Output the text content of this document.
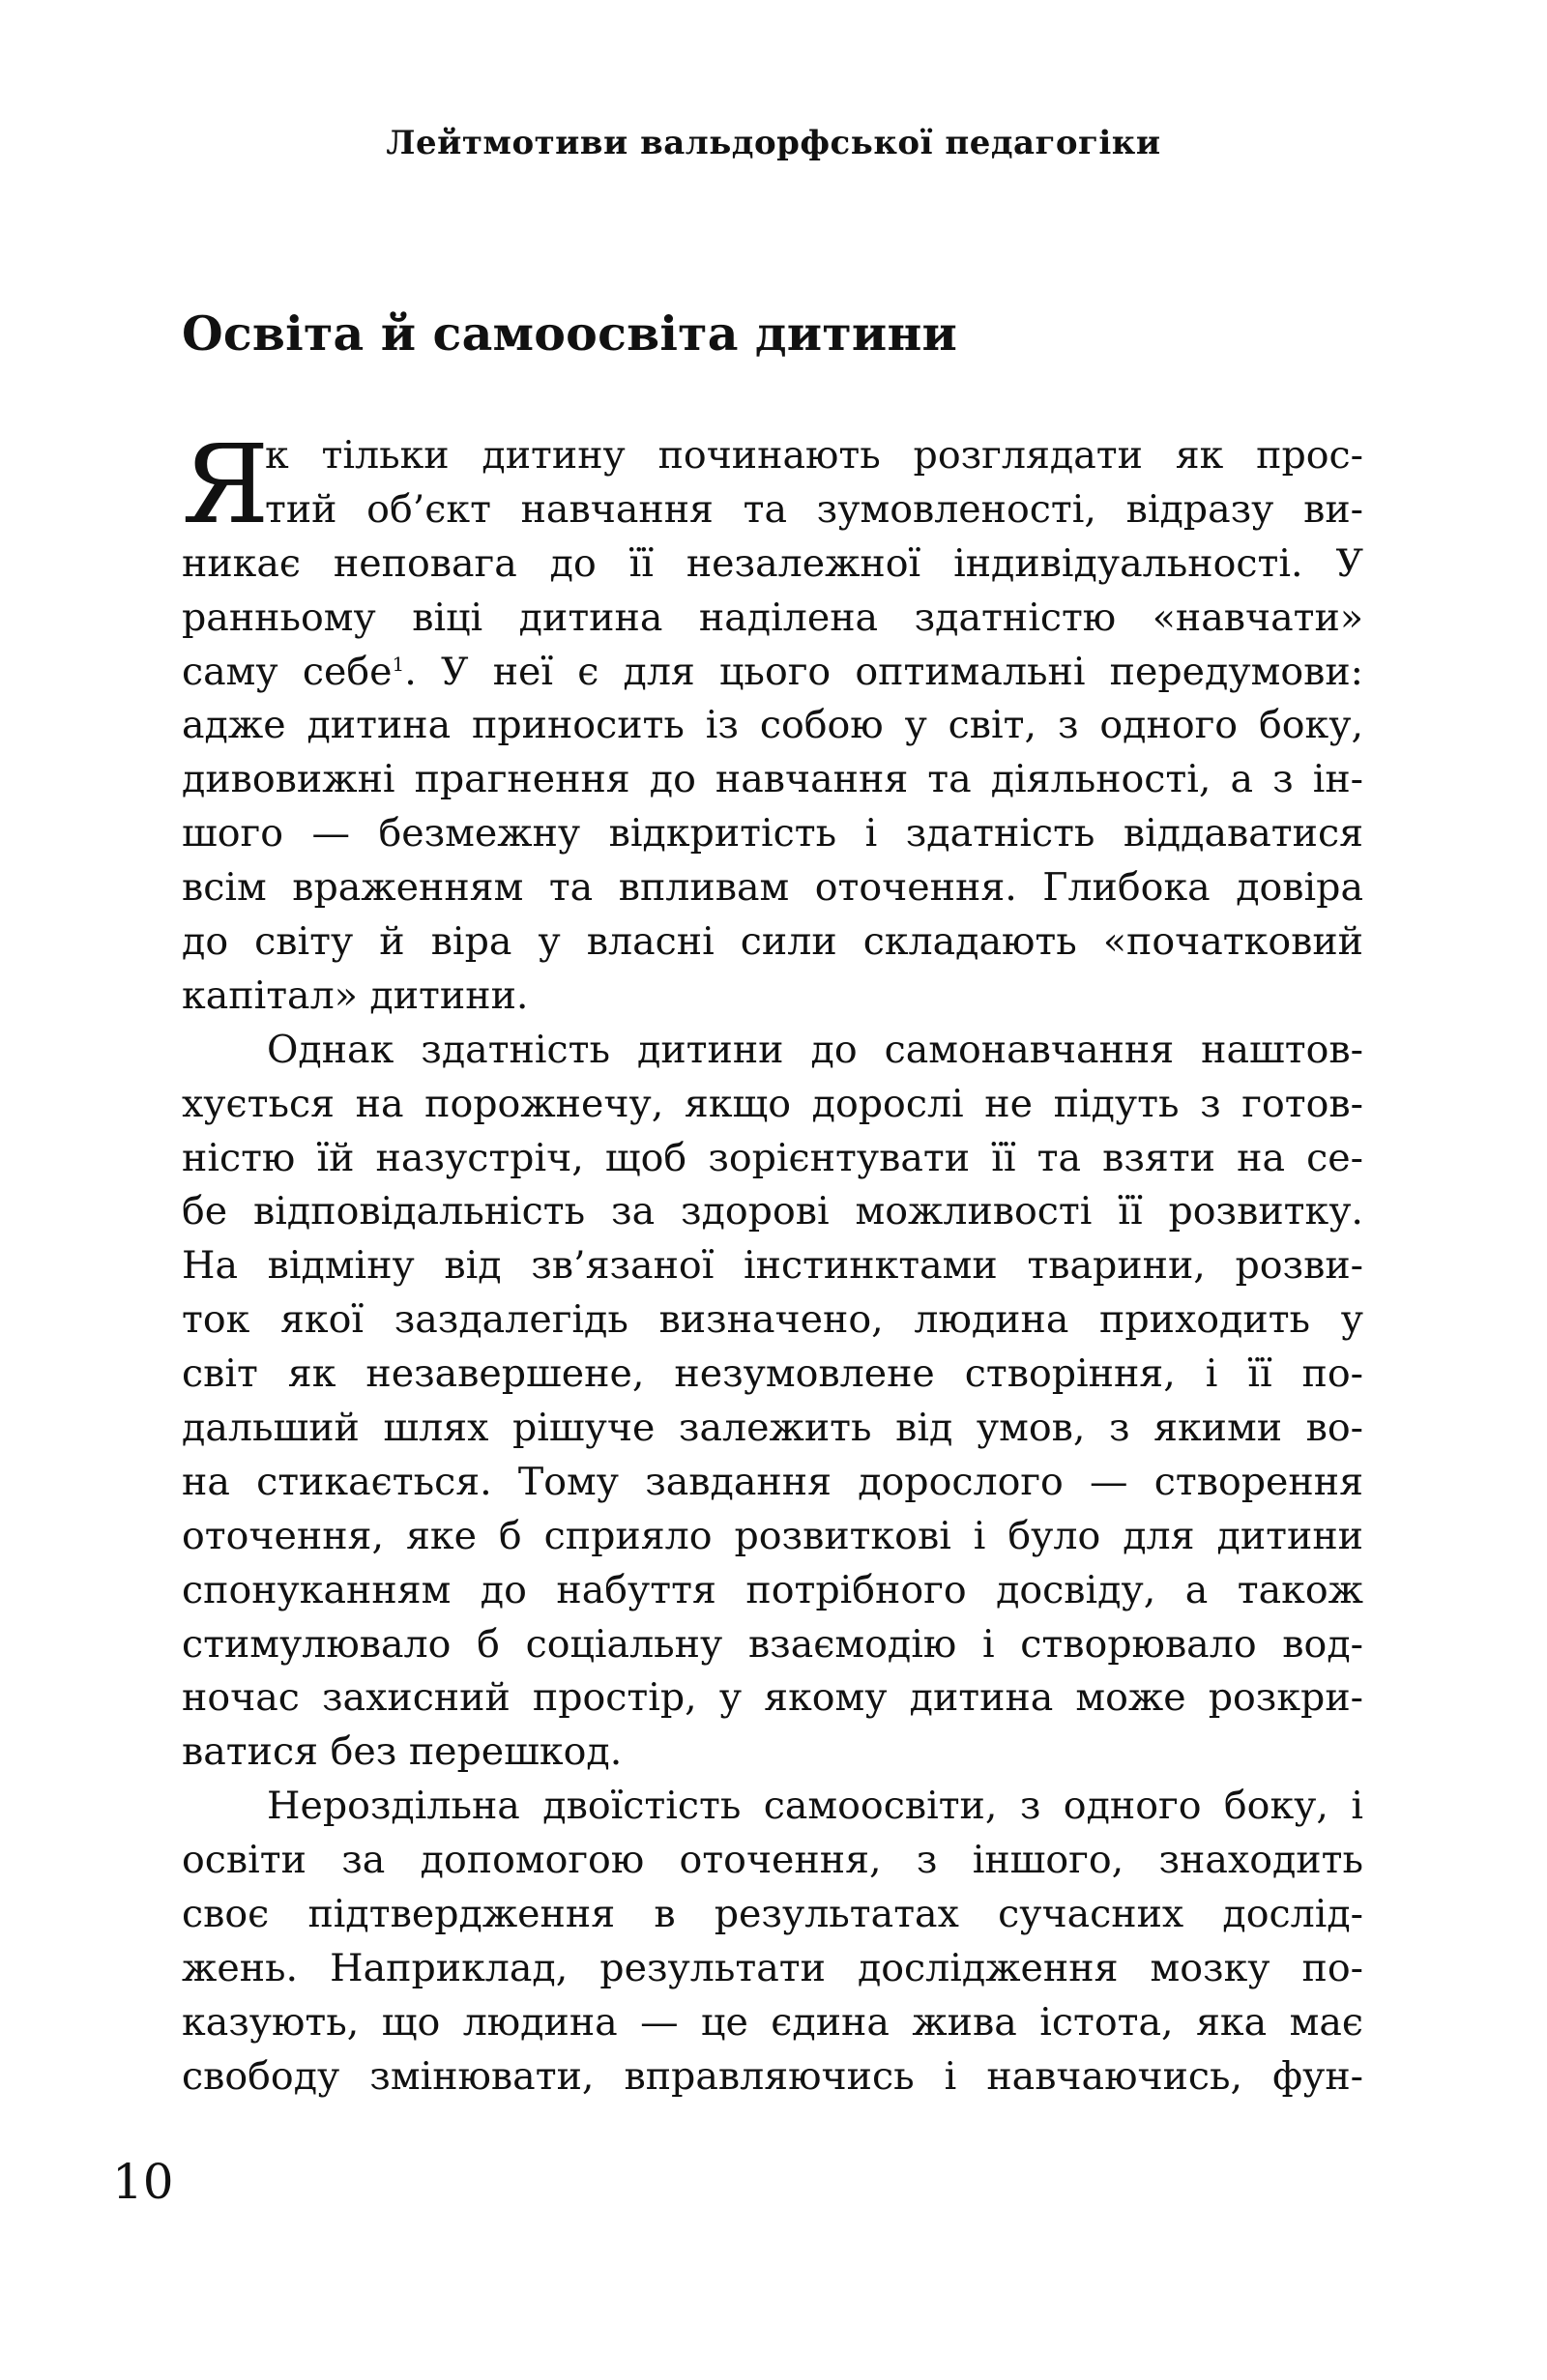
Лейтмотиви вальдорфської педагогіки
Освіта й самоосвіта дитини
Я
к тільки дитину починають розглядати як прос-
тий об’єкт навчання та зумовленості, відразу ви-
никає неповага до її незалежної індивідуальності. У
ранньому віці дитина наділена здатністю «навчати»
саму себе$^1$. У неї є для цього оптимальні передумови:
адже дитина приносить із собою у світ, з одного боку,
дивовижні прагнення до навчання та діяльності, а з ін-
шого — безмежну відкритість і здатність віддаватися
всім враженням та впливам оточення. Глибока довіра
до світу й віра у власні сили складають «початковий
капітал» дитини.
Однак здатність дитини до самонавчання наштов-
хується на порожнечу, якщо дорослі не підуть з готов-
ністю їй назустріч, щоб зорієнтувати її та взяти на се-
бе відповідальність за здорові можливості її розвитку.
На відміну від зв’язаної інстинктами тварини, розви-
ток якої заздалегідь визначено, людина приходить у
світ як незавершене, незумовлене створіння, і її по-
дальший шлях рішуче залежить від умов, з якими во-
на стикається. Тому завдання дорослого — створення
оточення, яке б сприяло розвиткові і було для дитини
спонуканням до набуття потрібного досвіду, а також
стимулювало б соціальну взаємодію і створювало вод-
ночас захисний простір, у якому дитина може розкри-
ватися без перешкод.
Нероздільна двоїстість самоосвіти, з одного боку, і
освіти за допомогою оточення, з іншого, знаходить
своє підтвердження в результатах сучасних дослід-
жень. Наприклад, результати дослідження мозку по-
казують, що людина — це єдина жива істота, яка має
свободу змінювати, вправляючись і навчаючись, фун-
10
